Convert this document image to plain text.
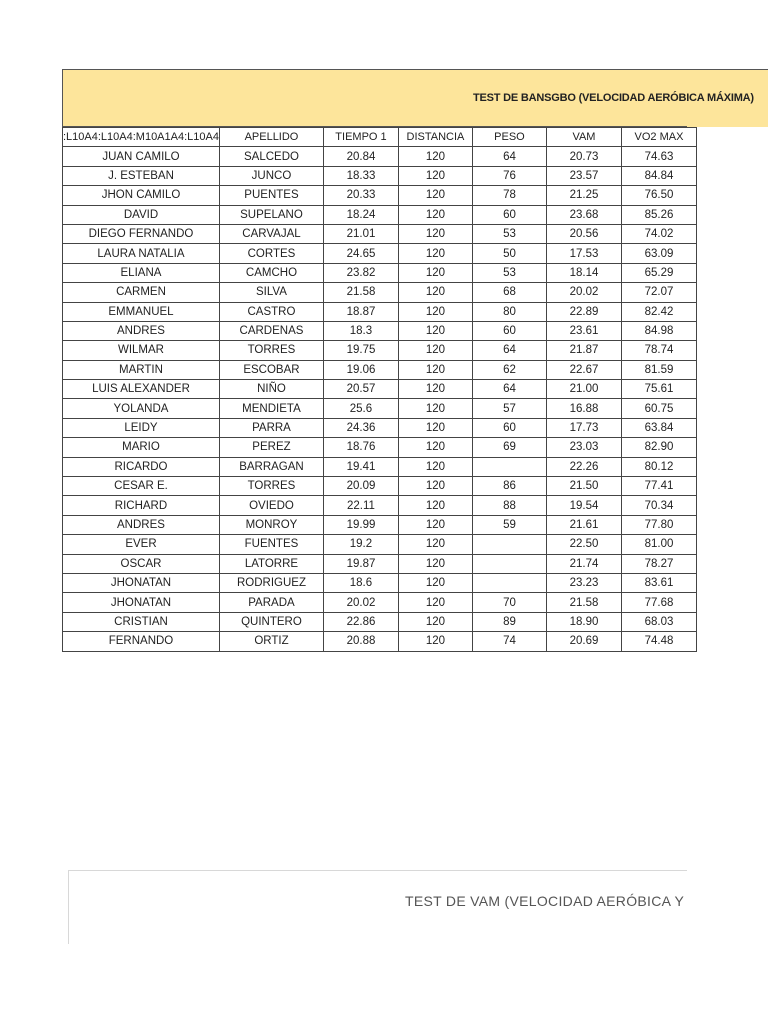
TEST DE BANSGBO (VELOCIDAD AERÓBICA MÁXIMA)
:L10A4:L10A4:M10A1A4:L10A4	APELLIDO	TIEMPO 1	DISTANCIA	PESO	VAM	VO2 MAX
JUAN CAMILO	SALCEDO	20.84	120	64	20.73	74.63
J. ESTEBAN	JUNCO	18.33	120	76	23.57	84.84
JHON CAMILO	PUENTES	20.33	120	78	21.25	76.50
DAVID	SUPELANO	18.24	120	60	23.68	85.26
DIEGO FERNANDO	CARVAJAL	21.01	120	53	20.56	74.02
LAURA NATALIA	CORTES	24.65	120	50	17.53	63.09
ELIANA	CAMCHO	23.82	120	53	18.14	65.29
CARMEN	SILVA	21.58	120	68	20.02	72.07
EMMANUEL	CASTRO	18.87	120	80	22.89	82.42
ANDRES	CARDENAS	18.3	120	60	23.61	84.98
WILMAR	TORRES	19.75	120	64	21.87	78.74
MARTIN	ESCOBAR	19.06	120	62	22.67	81.59
LUIS ALEXANDER	NIÑO	20.57	120	64	21.00	75.61
YOLANDA	MENDIETA	25.6	120	57	16.88	60.75
LEIDY	PARRA	24.36	120	60	17.73	63.84
MARIO	PEREZ	18.76	120	69	23.03	82.90
RICARDO	BARRAGAN	19.41	120		22.26	80.12
CESAR E.	TORRES	20.09	120	86	21.50	77.41
RICHARD	OVIEDO	22.11	120	88	19.54	70.34
ANDRES	MONROY	19.99	120	59	21.61	77.80
EVER	FUENTES	19.2	120		22.50	81.00
OSCAR	LATORRE	19.87	120		21.74	78.27
JHONATAN	RODRIGUEZ	18.6	120		23.23	83.61
JHONATAN	PARADA	20.02	120	70	21.58	77.68
CRISTIAN	QUINTERO	22.86	120	89	18.90	68.03
FERNANDO	ORTIZ	20.88	120	74	20.69	74.48
TEST DE VAM (VELOCIDAD AERÓBICA Y
